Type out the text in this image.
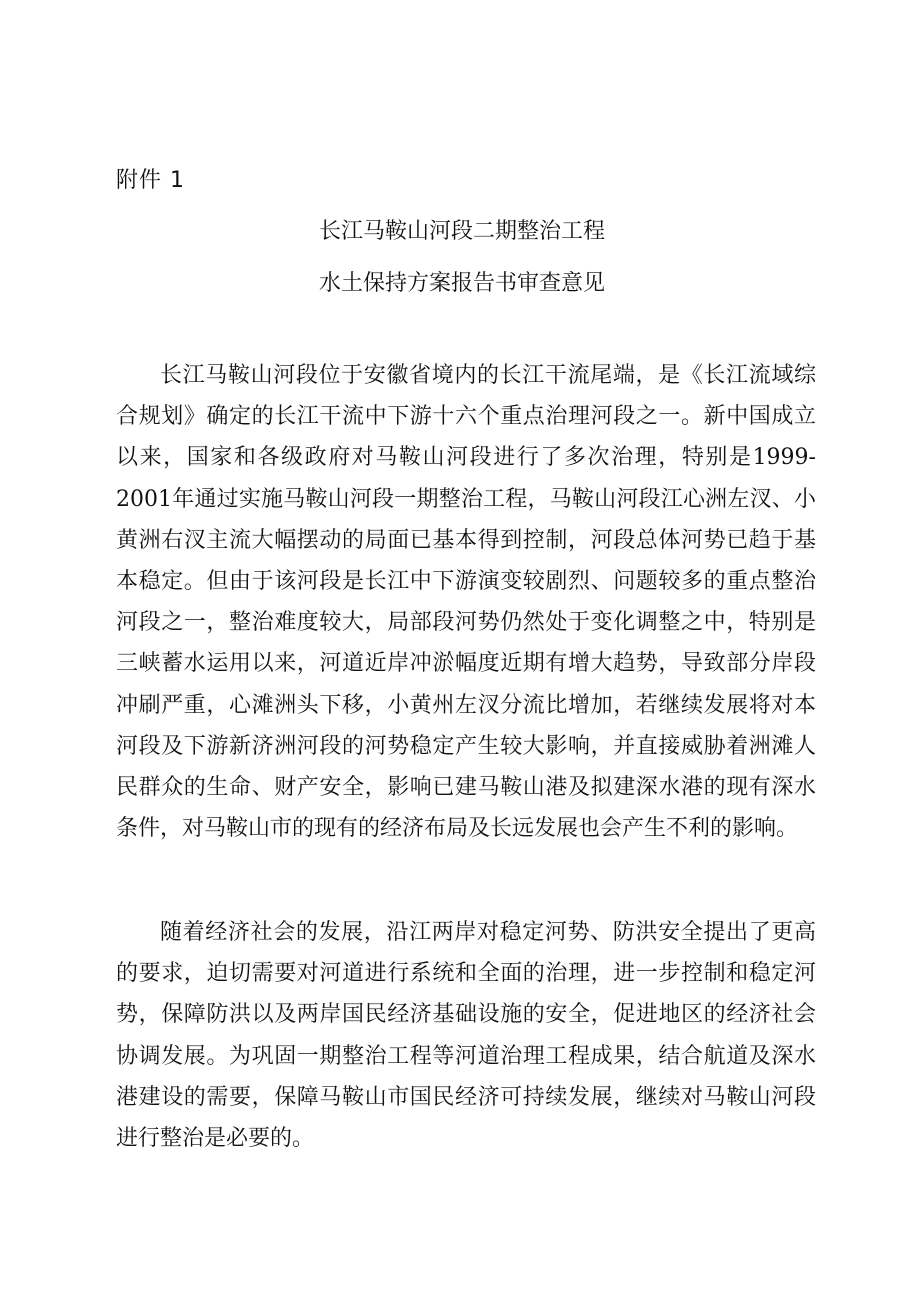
附件 1
长江马鞍山河段二期整治工程
水土保持方案报告书审查意见

长江马鞍山河段位于安徽省境内的长江干流尾端，是《长江流域综合规划》确定的长江干流中下游十六个重点治理河段之一。新中国成立以来，国家和各级政府对马鞍山河段进行了多次治理，特别是1999-2001年通过实施马鞍山河段一期整治工程，马鞍山河段江心洲左汊、小黄洲右汊主流大幅摆动的局面已基本得到控制，河段总体河势已趋于基本稳定。但由于该河段是长江中下游演变较剧烈、问题较多的重点整治河段之一，整治难度较大，局部段河势仍然处于变化调整之中，特别是三峡蓄水运用以来，河道近岸冲淤幅度近期有增大趋势，导致部分岸段冲刷严重，心滩洲头下移，小黄州左汊分流比增加，若继续发展将对本河段及下游新济洲河段的河势稳定产生较大影响，并直接威胁着洲滩人民群众的生命、财产安全，影响已建马鞍山港及拟建深水港的现有深水条件，对马鞍山市的现有的经济布局及长远发展也会产生不利的影响。

随着经济社会的发展，沿江两岸对稳定河势、防洪安全提出了更高的要求，迫切需要对河道进行系统和全面的治理，进一步控制和稳定河势，保障防洪以及两岸国民经济基础设施的安全，促进地区的经济社会协调发展。为巩固一期整治工程等河道治理工程成果，结合航道及深水港建设的需要，保障马鞍山市国民经济可持续发展，继续对马鞍山河段进行整治是必要的。
